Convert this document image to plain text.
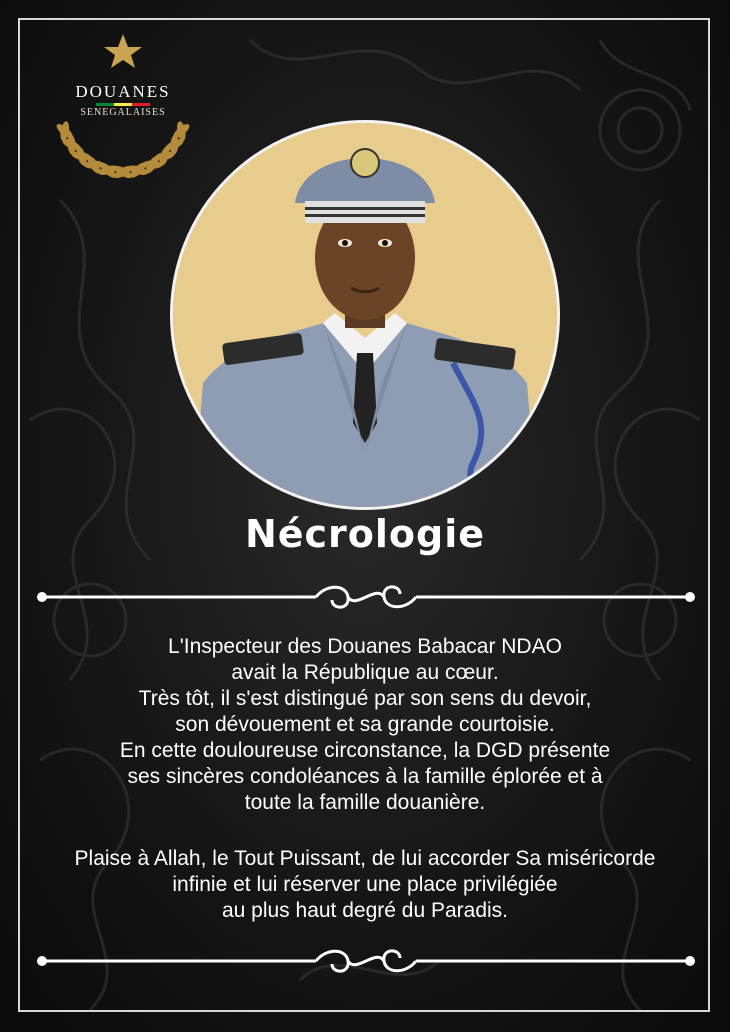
DOUANES
SENEGALAISES
Nécrologie

L'Inspecteur des Douanes Babacar NDAO

avait la République au cœur.

Très tôt, il s'est distingué par son sens du devoir,

son dévouement et sa grande courtoisie.

En cette douloureuse circonstance, la DGD présente

ses sincères condoléances à la famille éplorée et à

toute la famille douanière.

Plaise à Allah, le Tout Puissant, de lui accorder Sa miséricorde

infinie et lui réserver une place privilégiée

au plus haut degré du Paradis.
